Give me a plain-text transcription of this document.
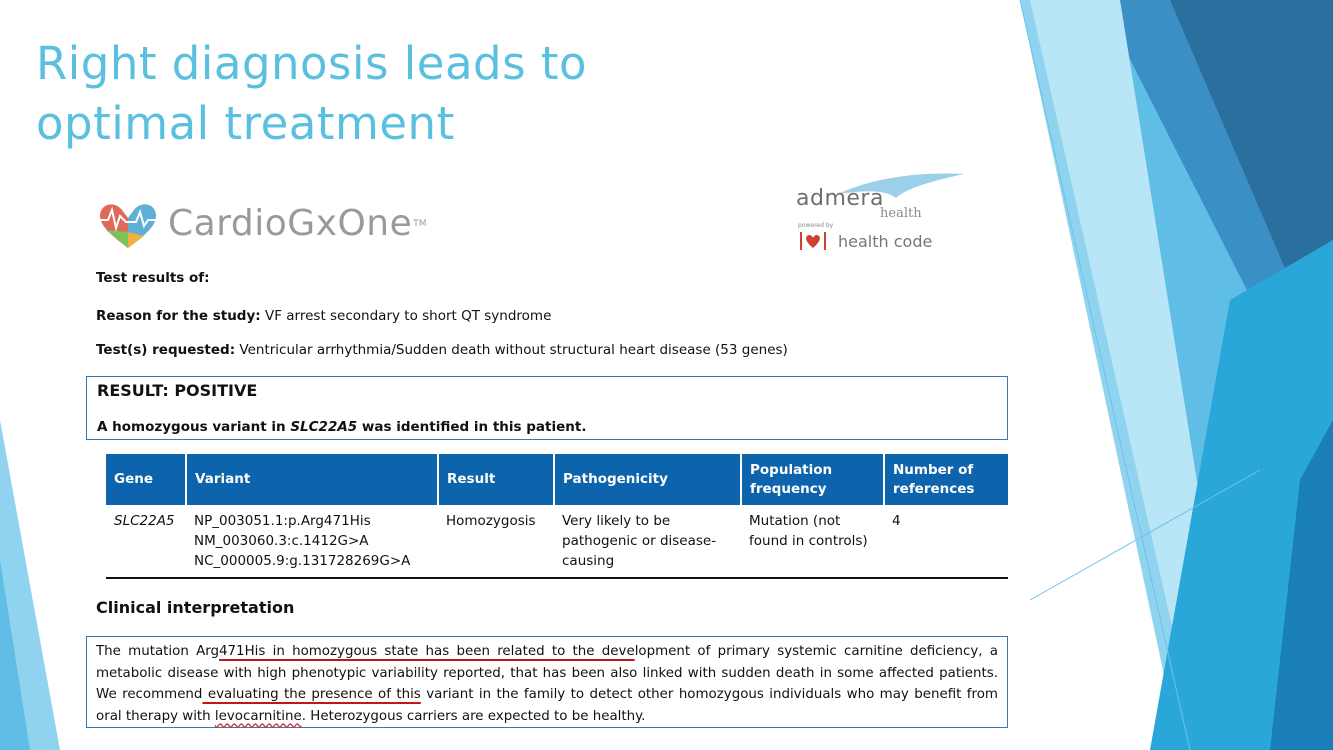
Right diagnosis leads to optimal treatment
CardioGxOne TM
admera
health
powered by
health code
Test results of:
Reason for the study: VF arrest secondary to short QT syndrome
Test(s) requested: Ventricular arrhythmia/Sudden death without structural heart disease (53 genes)
RESULT: POSITIVE
A homozygous variant in SLC22A5 was identified in this patient.
Gene	Variant	Result	Pathogenicity	Population frequency	Number of references
SLC22A5	NP_003051.1:p.Arg471His
NM_003060.3:c.1412G>A
NC_000005.9:g.131728269G>A	Homozygosis	Very likely to be pathogenic or disease-causing	Mutation (not found in controls)	4
Clinical interpretation
The mutation Arg471His in homozygous state has been related to the development of primary systemic carnitine deficiency, a metabolic disease with high phenotypic variability reported, that has been also linked with sudden death in some affected patients. We recommend evaluating the presence of this variant in the family to detect other homozygous individuals who may benefit from oral therapy with levocarnitine. Heterozygous carriers are expected to be healthy.
